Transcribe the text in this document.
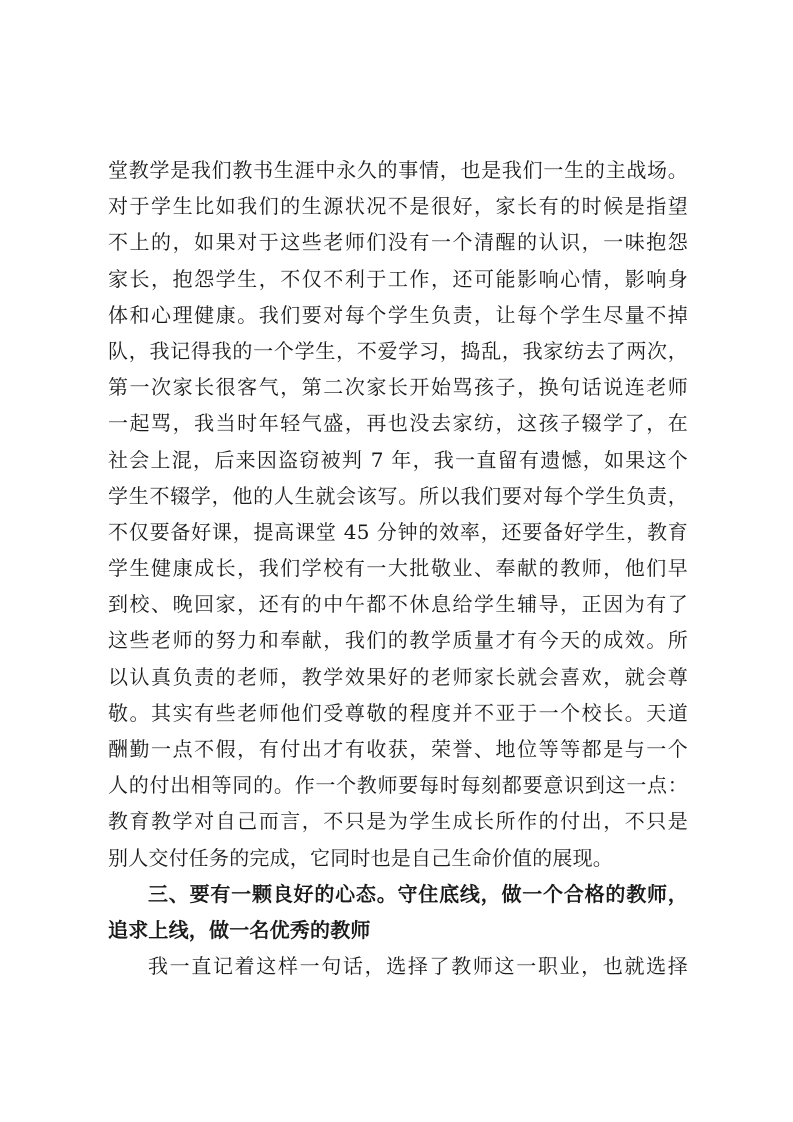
堂教学是我们教书生涯中永久的事情，也是我们一生的主战场。
对于学生比如我们的生源状况不是很好，家长有的时候是指望
不上的，如果对于这些老师们没有一个清醒的认识，一味抱怨
家长，抱怨学生，不仅不利于工作，还可能影响心情，影响身
体和心理健康。我们要对每个学生负责，让每个学生尽量不掉
队，我记得我的一个学生，不爱学习，捣乱，我家纺去了两次，
第一次家长很客气，第二次家长开始骂孩子，换句话说连老师
一起骂，我当时年轻气盛，再也没去家纺，这孩子辍学了，在
社会上混，后来因盗窃被判 7 年，我一直留有遗憾，如果这个
学生不辍学，他的人生就会该写。所以我们要对每个学生负责，
不仅要备好课，提高课堂 45 分钟的效率，还要备好学生，教育
学生健康成长，我们学校有一大批敬业、奉献的教师，他们早
到校、晚回家，还有的中午都不休息给学生辅导，正因为有了
这些老师的努力和奉献，我们的教学质量才有今天的成效。所
以认真负责的老师，教学效果好的老师家长就会喜欢，就会尊
敬。其实有些老师他们受尊敬的程度并不亚于一个校长。天道
酬勤一点不假，有付出才有收获，荣誉、地位等等都是与一个
人的付出相等同的。作一个教师要每时每刻都要意识到这一点：
教育教学对自己而言，不只是为学生成长所作的付出，不只是
别人交付任务的完成，它同时也是自己生命价值的展现。
三、要有一颗良好的心态。守住底线，做一个合格的教师，
追求上线，做一名优秀的教师
我一直记着这样一句话，选择了教师这一职业，也就选择
